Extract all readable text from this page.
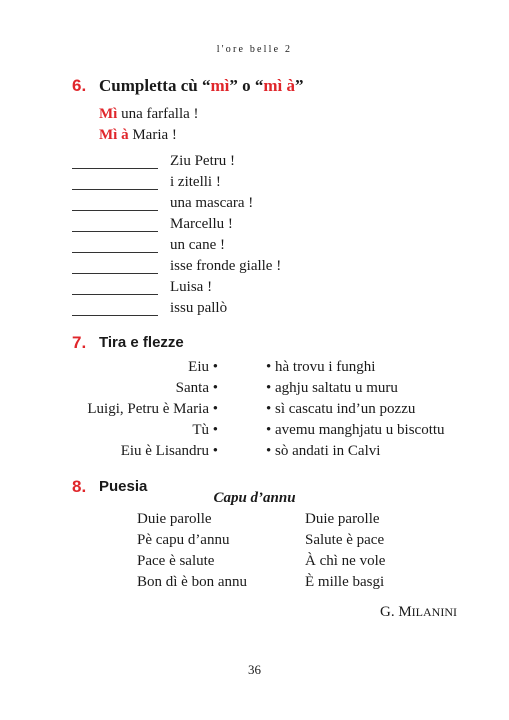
l'ore belle 2
6. Cumpletta cù “mì” o “mì à”
Mì una farfalla !
Mì à Maria !
Ziu Petru !
i zitelli !
una mascara !
Marcellu !
un cane !
isse fronde gialle !
Luisa !
issu pallò
7. Tira e flezze
Eiu •
Santa •
Luigi, Petru è Maria •
Tù •
Eiu è Lisandru •
• hà trovu i funghi
• aghju saltatu u muru
• sì cascatu ind’un pozzu
• avemu manghjatu u biscottu
• sò andati in Calvi
8. Puesia
Capu d’annu
Duie parolle
Pè capu d’annu
Pace è salute
Bon dì è bon annu
Duie parolle
Salute è pace
À chì ne vole
È mille basgi
G. MILANINI
36
